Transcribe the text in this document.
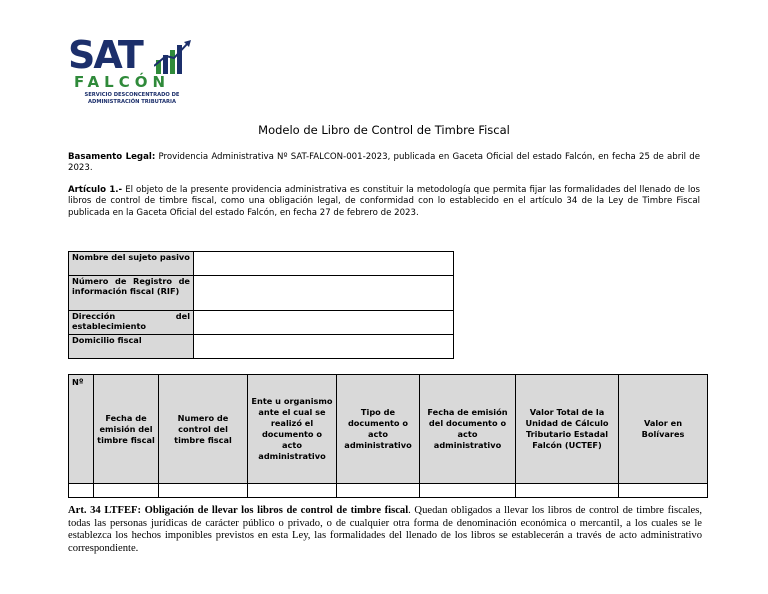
SAT
FALCÓN
SERVICIO DESCONCENTRADO DE
ADMINISTRACIÓN TRIBUTARIA
Modelo de Libro de Control de Timbre Fiscal
Basamento Legal: Providencia Administrativa Nº SAT-FALCON-001-2023, publicada en Gaceta Oficial del estado Falcón, en fecha 25 de abril de 2023.
Artículo 1.- El objeto de la presente providencia administrativa es constituir la metodología que permita fijar las formalidades del llenado de los libros de control de timbre fiscal, como una obligación legal, de conformidad con lo establecido en el artículo 34 de la Ley de Timbre Fiscal publicada en la Gaceta Oficial del estado Falcón, en fecha 27 de febrero de 2023.
Nombre del sujeto pasivo	
Número de Registro de información fiscal (RIF)	
Dirección del establecimiento	
Domicilio fiscal	
Nº	Fecha de emisión del timbre fiscal	Numero de control del timbre fiscal	Ente u organismo ante el cual se realizó el documento o acto administrativo	Tipo de documento o acto administrativo	Fecha de emisión del documento o acto administrativo	Valor Total de la Unidad de Cálculo Tributario Estadal Falcón (UCTEF)	Valor en Bolívares

Art. 34 LTFEF: Obligación de llevar los libros de control de timbre fiscal. Quedan obligados a llevar los libros de control de timbre fiscales, todas las personas jurídicas de carácter público o privado, o de cualquier otra forma de denominación económica o mercantil, a los cuales se le establezca los hechos imponibles previstos en esta Ley, las formalidades del llenado de los libros se establecerán a través de acto administrativo correspondiente.
